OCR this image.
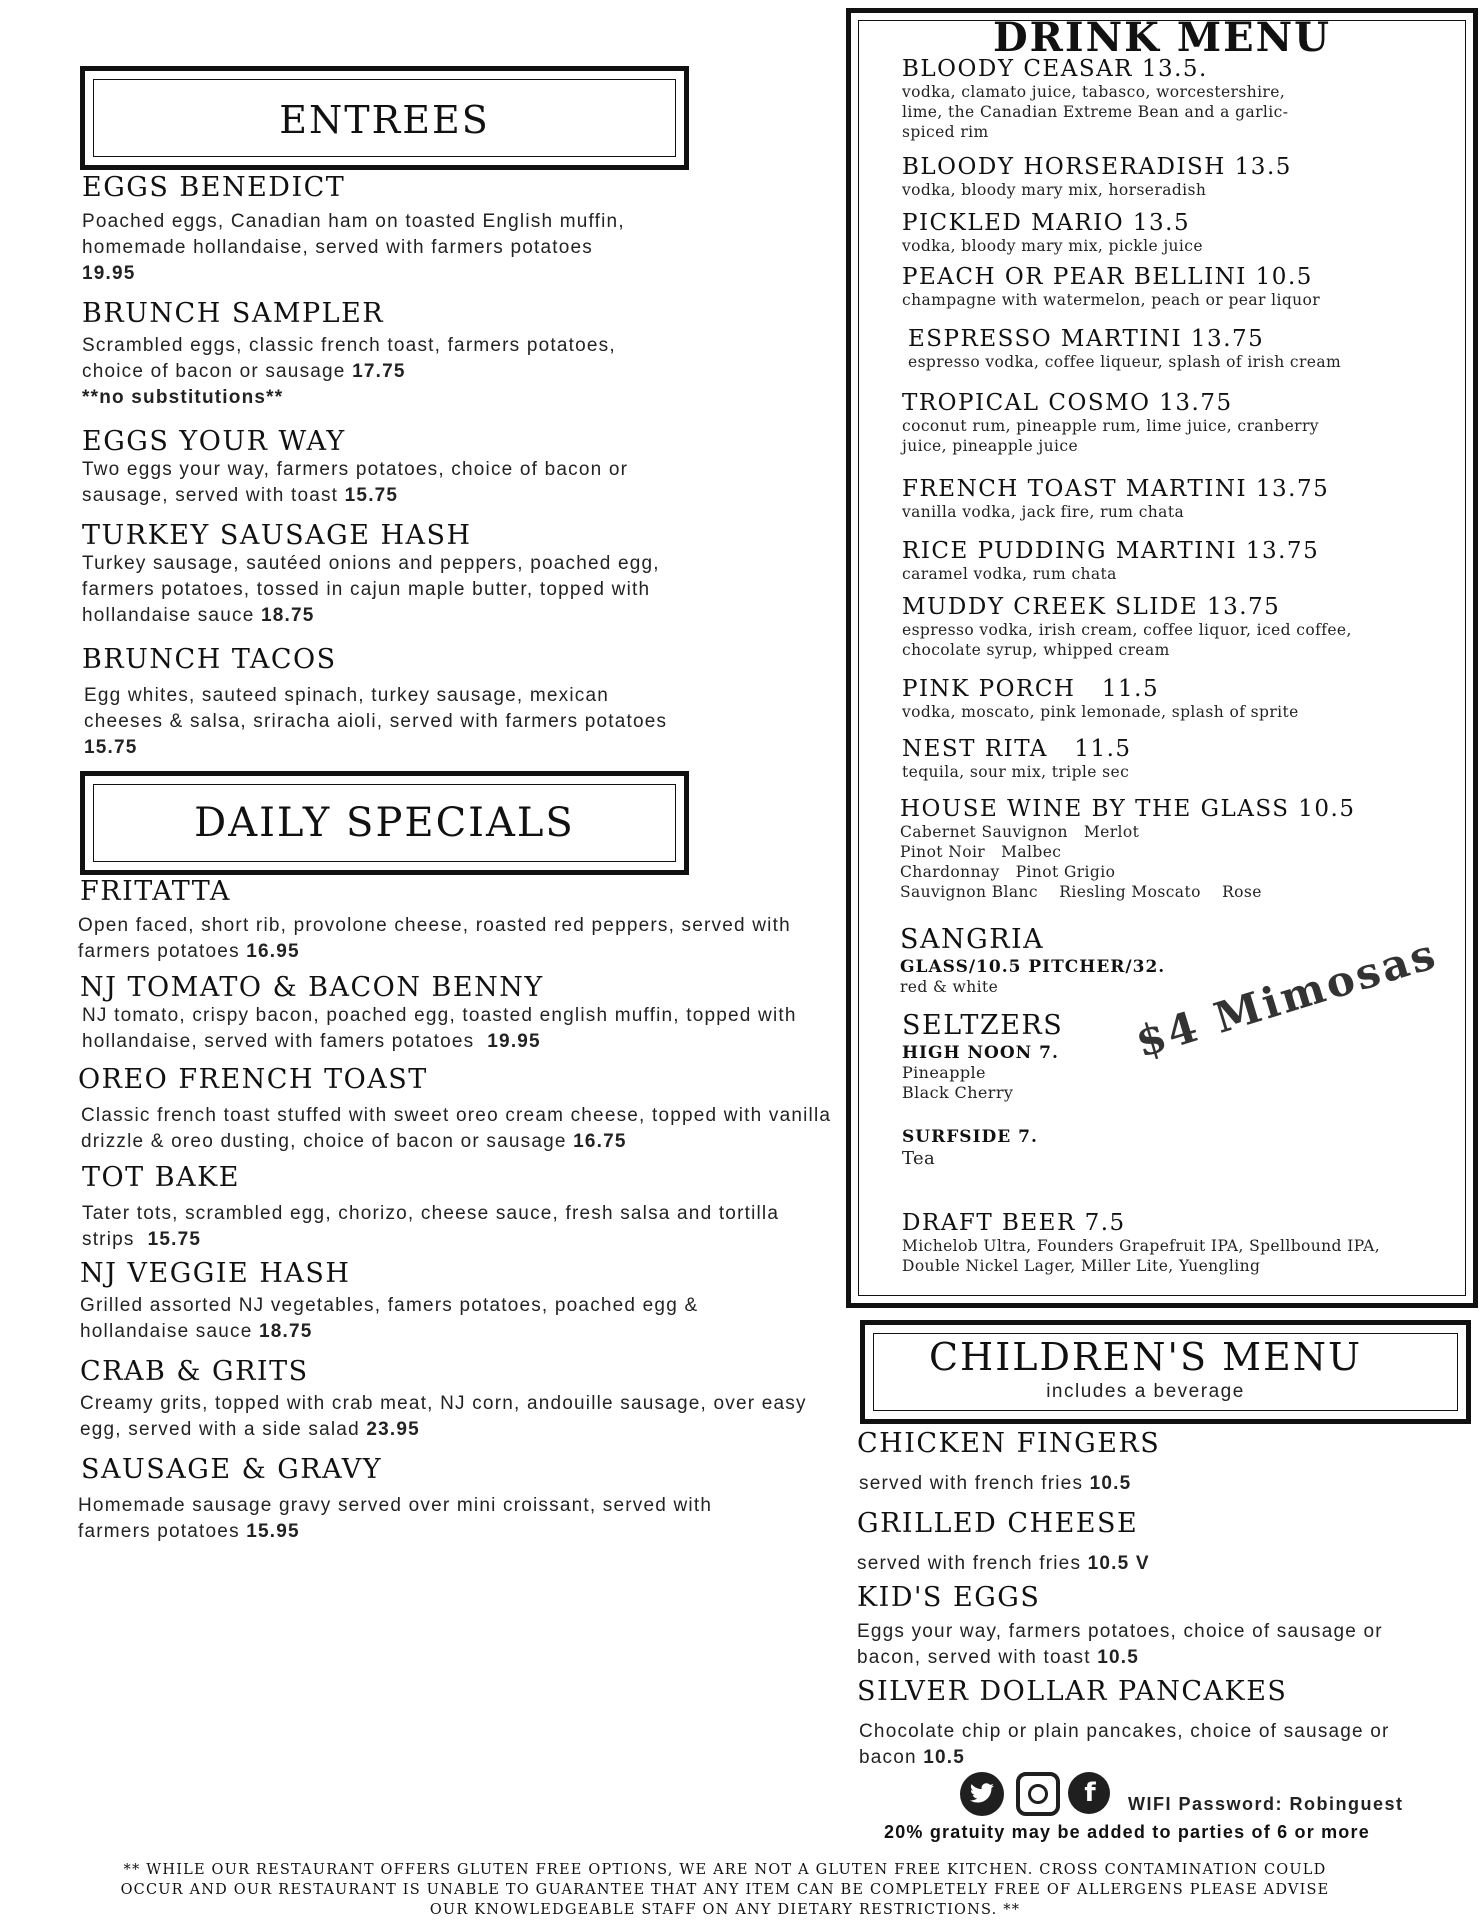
ENTREES
EGGS BENEDICT
Poached eggs, Canadian ham on toasted English muffin, homemade hollandaise, served with farmers potatoes
19.95
BRUNCH SAMPLER
Scrambled eggs, classic french toast, farmers potatoes, choice of bacon or sausage 17.75
**no substitutions**
EGGS YOUR WAY
Two eggs your way, farmers potatoes, choice of bacon or sausage, served with toast 15.75
TURKEY SAUSAGE HASH
Turkey sausage, sautéed onions and peppers, poached egg, farmers potatoes, tossed in cajun maple butter, topped with hollandaise sauce 18.75
BRUNCH TACOS
Egg whites, sauteed spinach, turkey sausage, mexican cheeses & salsa, sriracha aioli, served with farmers potatoes 15.75
DAILY SPECIALS
FRITATTA
Open faced, short rib, provolone cheese, roasted red peppers, served with farmers potatoes 16.95
NJ TOMATO & BACON BENNY
NJ tomato, crispy bacon, poached egg, toasted english muffin, topped with hollandaise, served with famers potatoes 19.95
OREO FRENCH TOAST
Classic french toast stuffed with sweet oreo cream cheese, topped with vanilla drizzle & oreo dusting, choice of bacon or sausage 16.75
TOT BAKE
Tater tots, scrambled egg, chorizo, cheese sauce, fresh salsa and tortilla strips 15.75
NJ VEGGIE HASH
Grilled assorted NJ vegetables, famers potatoes, poached egg & hollandaise sauce 18.75
CRAB & GRITS
Creamy grits, topped with crab meat, NJ corn, andouille sausage, over easy egg, served with a side salad 23.95
SAUSAGE & GRAVY
Homemade sausage gravy served over mini croissant, served with farmers potatoes 15.95
DRINK MENU
BLOODY CEASAR 13.5.
vodka, clamato juice, tabasco, worcestershire, lime, the Canadian Extreme Bean and a garlic-spiced rim
BLOODY HORSERADISH 13.5
vodka, bloody mary mix, horseradish
PICKLED MARIO 13.5
vodka, bloody mary mix, pickle juice
PEACH OR PEAR BELLINI 10.5
champagne with watermelon, peach or pear liquor
ESPRESSO MARTINI 13.75
espresso vodka, coffee liqueur, splash of irish cream
TROPICAL COSMO 13.75
coconut rum, pineapple rum, lime juice, cranberry juice, pineapple juice
FRENCH TOAST MARTINI 13.75
vanilla vodka, jack fire, rum chata
RICE PUDDING MARTINI 13.75
caramel vodka, rum chata
MUDDY CREEK SLIDE 13.75
espresso vodka, irish cream, coffee liquor, iced coffee, chocolate syrup, whipped cream
PINK PORCH   11.5
vodka, moscato, pink lemonade, splash of sprite
NEST RITA   11.5
tequila, sour mix, triple sec
HOUSE WINE BY THE GLASS 10.5
Cabernet Sauvignon   Merlot
Pinot Noir   Malbec
Chardonnay   Pinot Grigio
Sauvignon Blanc    Riesling Moscato    Rose
SANGRIA
GLASS/10.5 PITCHER/32.
red & white
SELTZERS
HIGH NOON 7.
Pineapple
Black Cherry
SURFSIDE 7.
Tea
$4 Mimosas
DRAFT BEER 7.5
Michelob Ultra, Founders Grapefruit IPA, Spellbound IPA, Double Nickel Lager, Miller Lite, Yuengling
CHILDREN'S MENU
includes a beverage
CHICKEN FINGERS
served with french fries 10.5
GRILLED CHEESE
served with french fries 10.5 V
KID'S EGGS
Eggs your way, farmers potatoes, choice of sausage or bacon, served with toast 10.5
SILVER DOLLAR PANCAKES
Chocolate chip or plain pancakes, choice of sausage or bacon 10.5
f WIFI Password: Robinguest
20% gratuity may be added to parties of 6 or more
** WHILE OUR RESTAURANT OFFERS GLUTEN FREE OPTIONS, WE ARE NOT A GLUTEN FREE KITCHEN. CROSS CONTAMINATION COULD OCCUR AND OUR RESTAURANT IS UNABLE TO GUARANTEE THAT ANY ITEM CAN BE COMPLETELY FREE OF ALLERGENS PLEASE ADVISE OUR KNOWLEDGEABLE STAFF ON ANY DIETARY RESTRICTIONS. **
